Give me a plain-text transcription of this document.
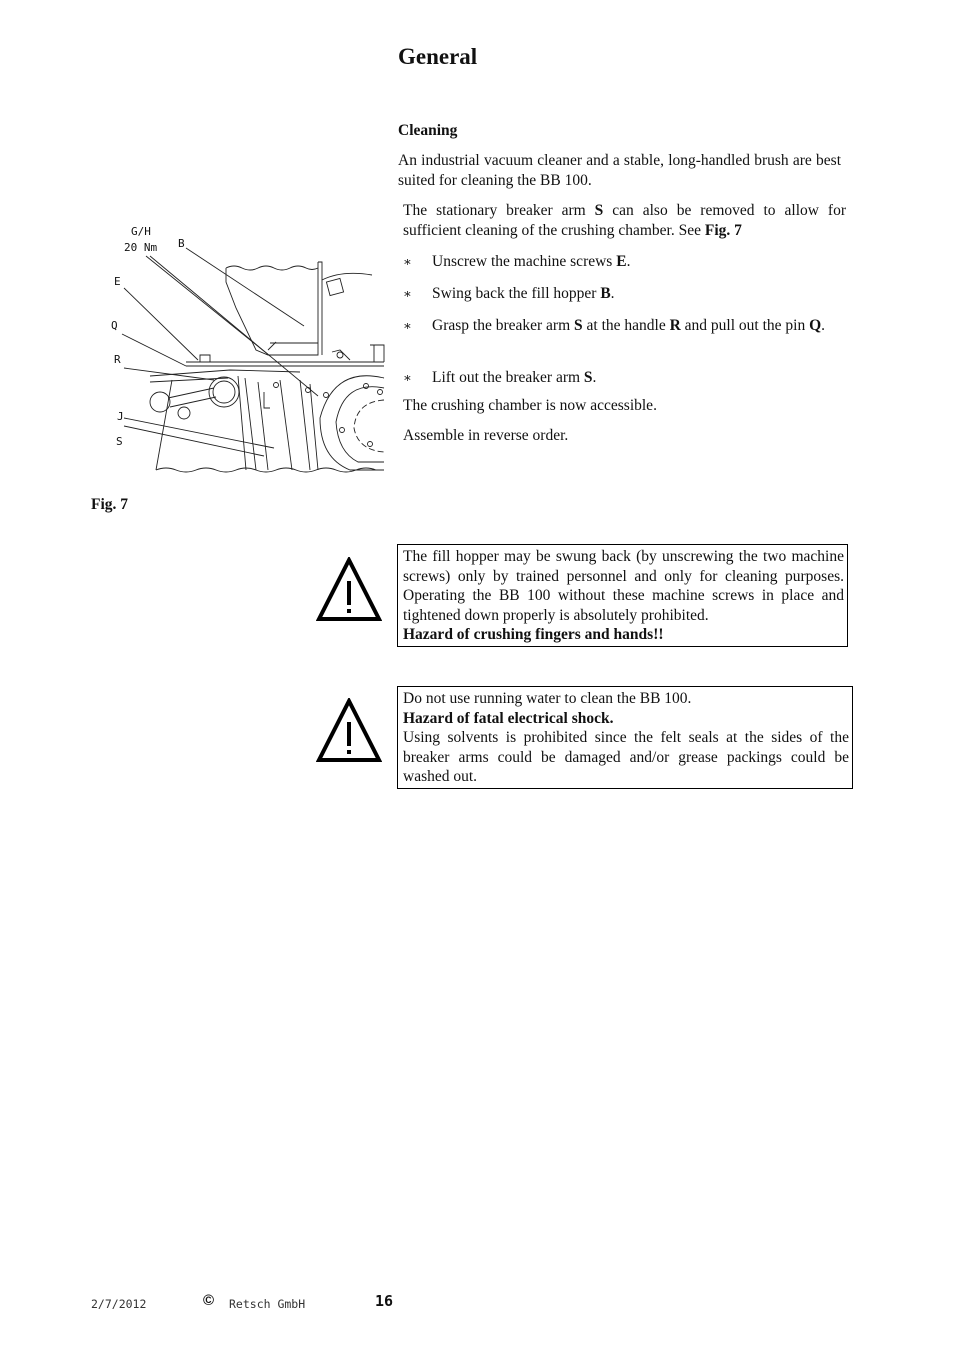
General
Cleaning
An industrial vacuum cleaner and a stable, long-handled brush are best suited for cleaning the BB 100.
The stationary breaker arm S can also be removed to allow for sufficient cleaning of the crushing chamber. See Fig. 7
∗	Unscrew the machine screws E.
∗	Swing back the fill hopper B.
∗	Grasp the breaker arm S at the handle R and pull out the pin Q.
∗	Lift out the breaker arm S.
The crushing chamber is now accessible.
Assemble in reverse order.
G/H
20 Nm B
E
Q
R
J
S
Fig. 7
The fill hopper may be swung back (by unscrewing the two machine screws) only by trained personnel and only for cleaning purposes. Operating the BB 100 without these machine screws in place and tightened down properly is absolutely prohibited.
Hazard of crushing fingers and hands!!
Do not use running water to clean the BB 100.
Hazard of fatal electrical shock.
Using solvents is prohibited since the felt seals at the sides of the breaker arms could be damaged and/or grease packings could be washed out.
2/7/2012	© Retsch GmbH	16
